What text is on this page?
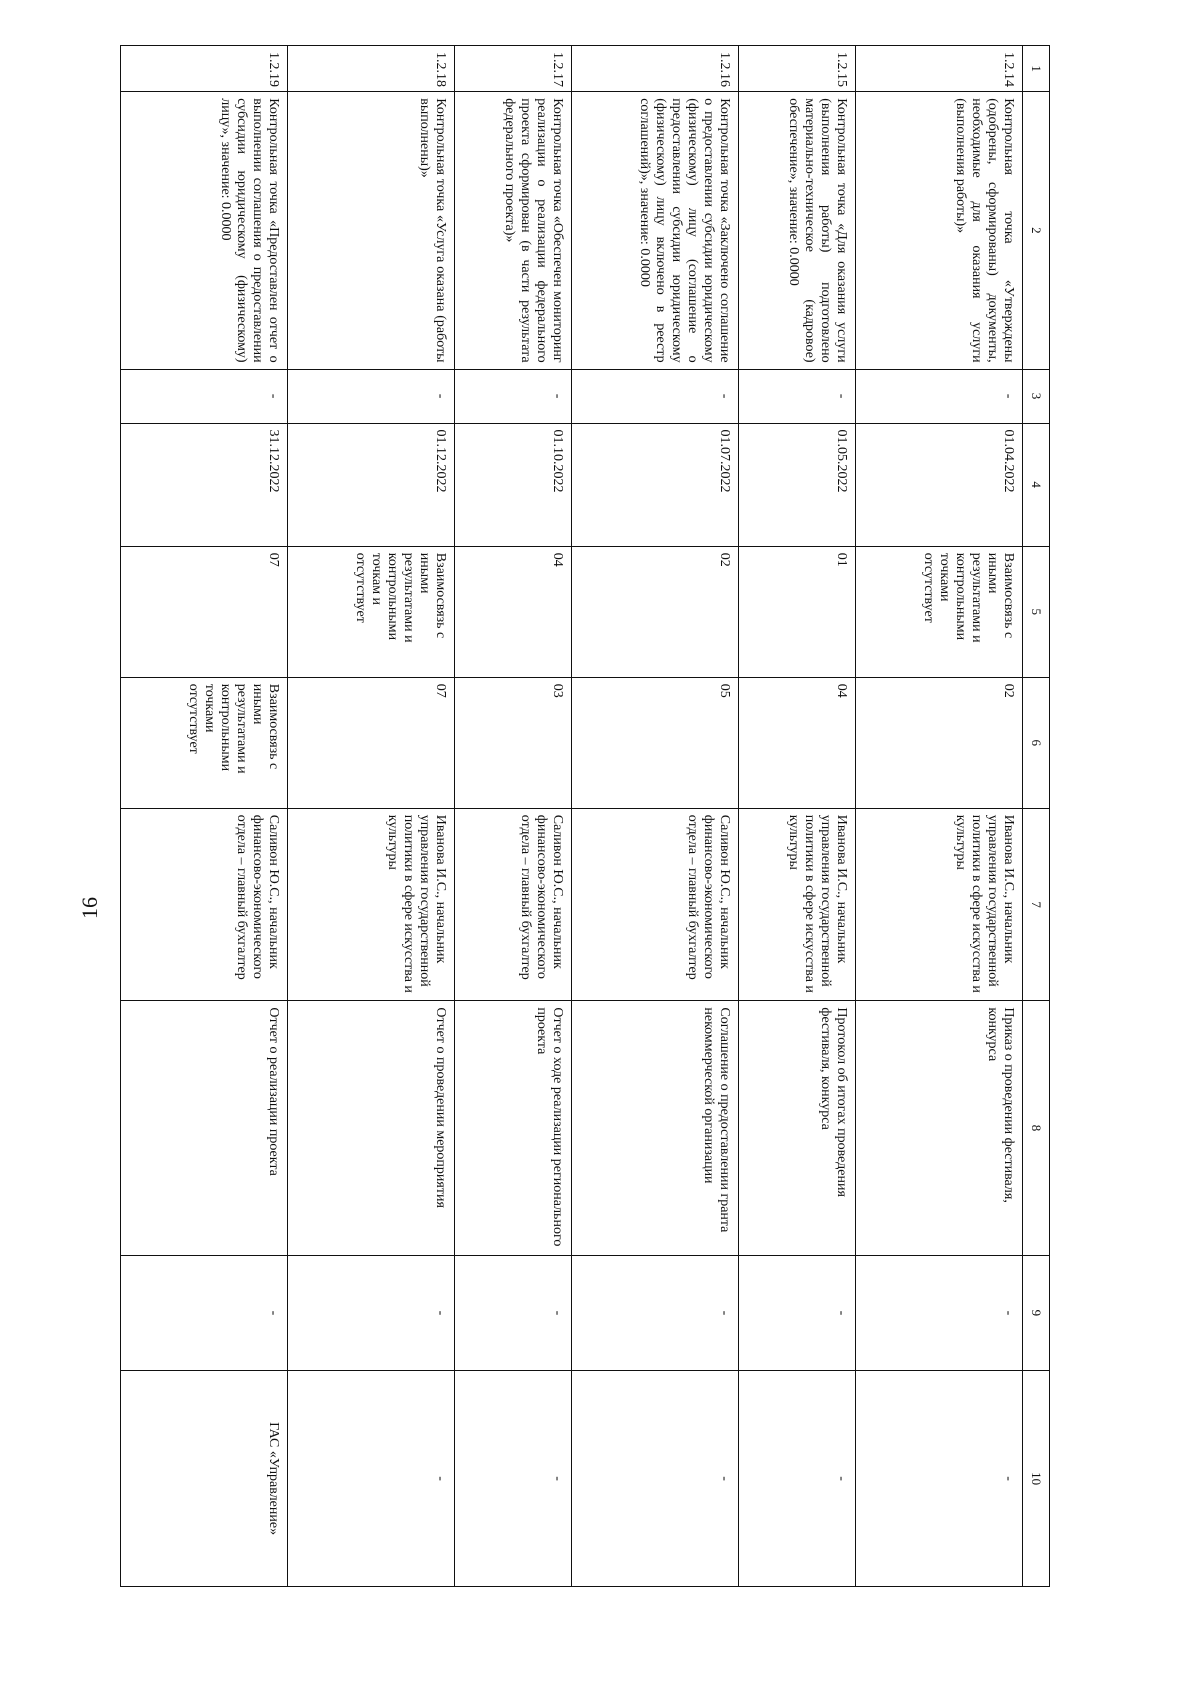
16
1	2	3	4	5	6	7	8	9	10
1.2.14	Контрольная точка «Утверждены (одобрены, сформированы) документы, необходимые для оказания услуги (выполнения работы)»	-	01.04.2022	Взаимосвязь с иными результатами и контрольными точками отсутствует	02	Иванова И.С., начальник управления государственной политики в сфере искусства и культуры	Приказ о проведении фестиваля, конкурса	-	-
1.2.15	Контрольная точка «Для оказания услуги (выполнения работы) подготовлено материально-техническое (кадровое) обеспечение», значение: 0.0000	-	01.05.2022	01	04	Иванова И.С., начальник управления государственной политики в сфере искусства и культуры	Протокол об итогах проведения фестиваля, конкурса	-	-
1.2.16	Контрольная точка «Заключено соглашение о предоставлении субсидии юридическому (физическому) лицу (соглашение о предоставлении субсидии юридическому (физическому) лицу включено в реестр соглашений)», значение: 0.0000	-	01.07.2022	02	05	Саливон Ю.С., начальник финансово-экономического отдела – главный бухгалтер	Соглашение о предоставлении гранта некоммерческой организации	-	-
1.2.17	Контрольная точка «Обеспечен мониторинг реализации о реализации федерального проекта сформирован (в части результата федерального проекта)»	-	01.10.2022	04	03	Саливон Ю.С., начальник финансово-экономического отдела – главный бухгалтер	Отчет о ходе реализации регионального проекта	-	-
1.2.18	Контрольная точка «Услуга оказана (работы выполнены)»	-	01.12.2022	Взаимосвязь с иными результатами и контрольными точкам и отсутствует	07	Иванова И.С., начальник управления государственной политики в сфере искусства и культуры	Отчет о проведении мероприятия	-	-
1.2.19	Контрольная точка «Предоставлен отчет о выполнении соглашения о предоставлении субсидии юридическому (физическому) лицу», значение: 0.0000	-	31.12.2022	07	Взаимосвязь с иными результатами и контрольными точками отсутствует	Саливон Ю.С., начальник финансово-экономического отдела – главный бухгалтер	Отчет о реализации проекта	-	ГАС «Управление»
